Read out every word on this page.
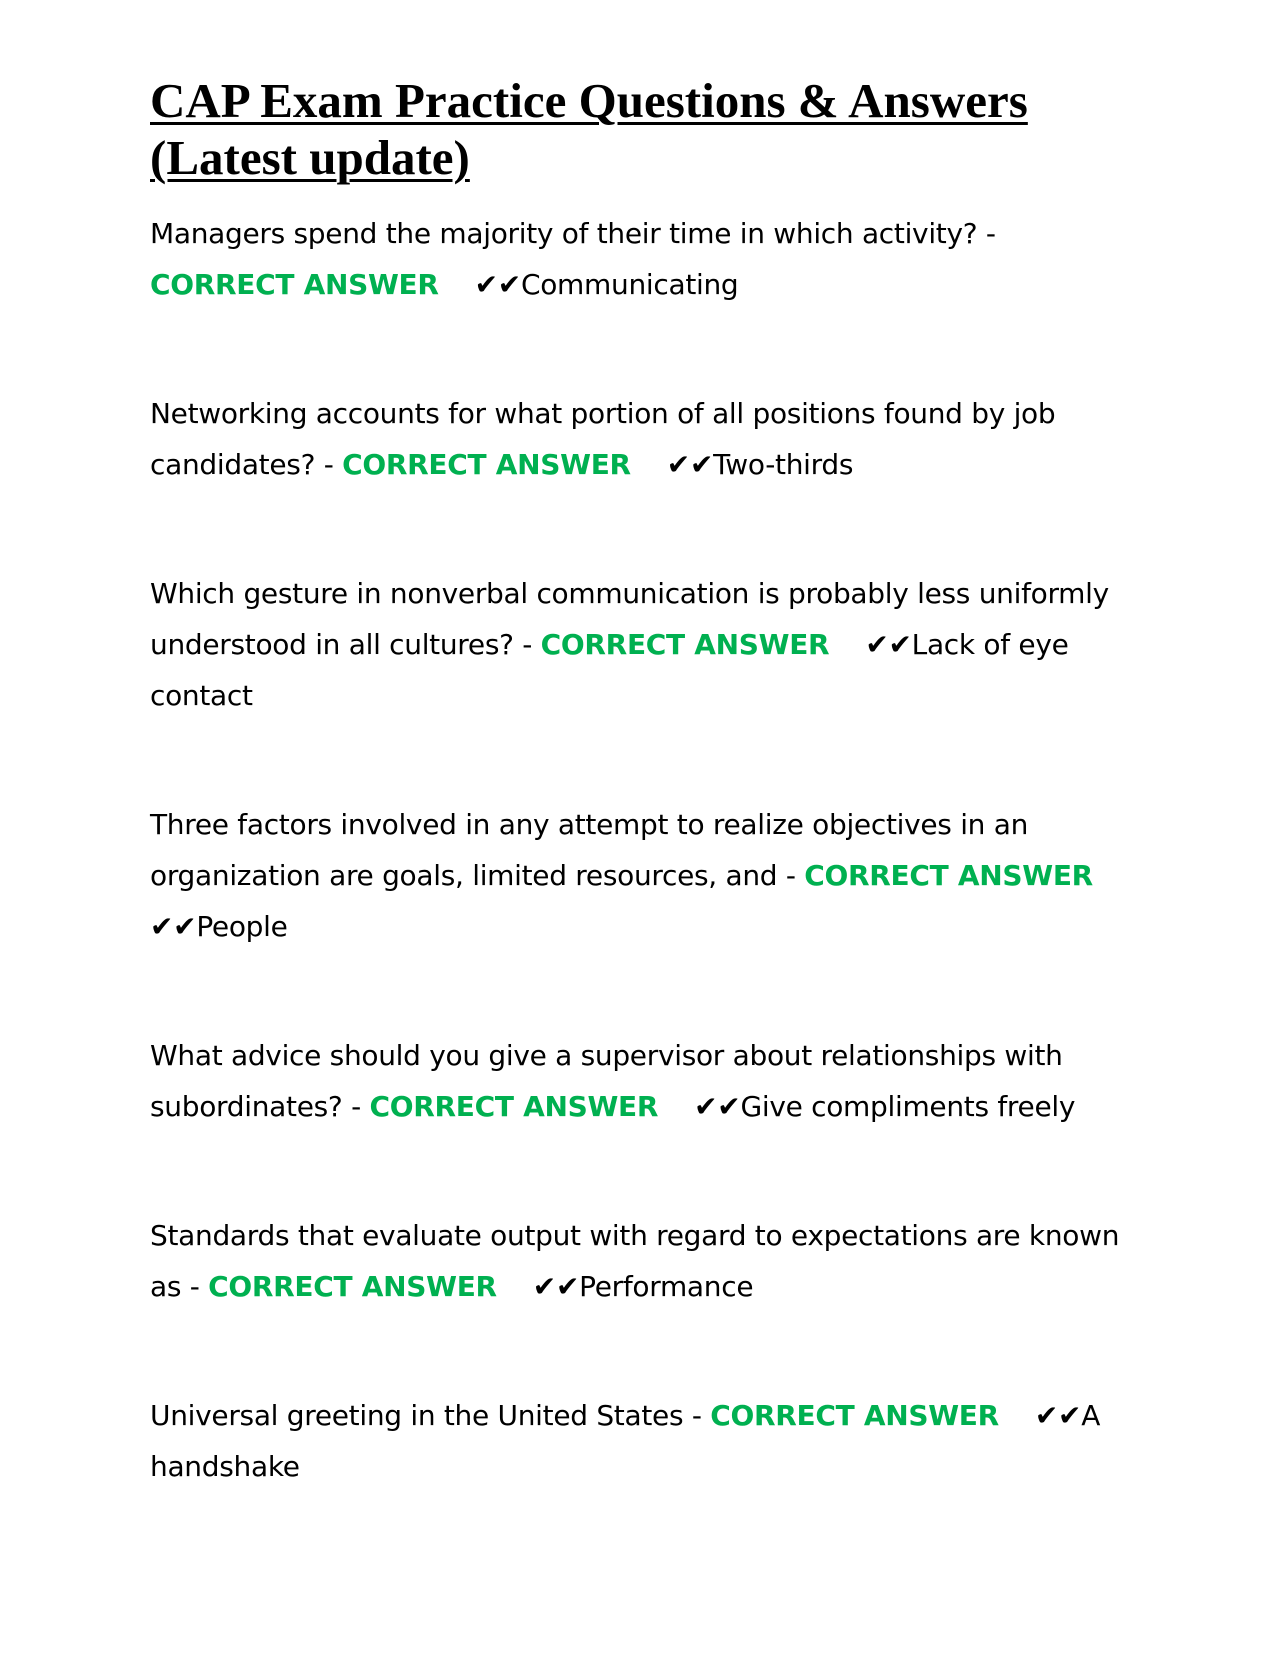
CAP Exam Practice Questions & Answers (Latest update)

Managers spend the majority of their time in which activity? - CORRECT ANSWER ✔✔Communicating

Networking accounts for what portion of all positions found by job candidates? - CORRECT ANSWER ✔✔Two-thirds

Which gesture in nonverbal communication is probably less uniformly understood in all cultures? - CORRECT ANSWER ✔✔Lack of eye contact

Three factors involved in any attempt to realize objectives in an organization are goals, limited resources, and - CORRECT ANSWER✔✔People

What advice should you give a supervisor about relationships with subordinates? - CORRECT ANSWER ✔✔Give compliments freely

Standards that evaluate output with regard to expectations are known as - CORRECT ANSWER ✔✔Performance

Universal greeting in the United States - CORRECT ANSWER ✔✔A handshake
